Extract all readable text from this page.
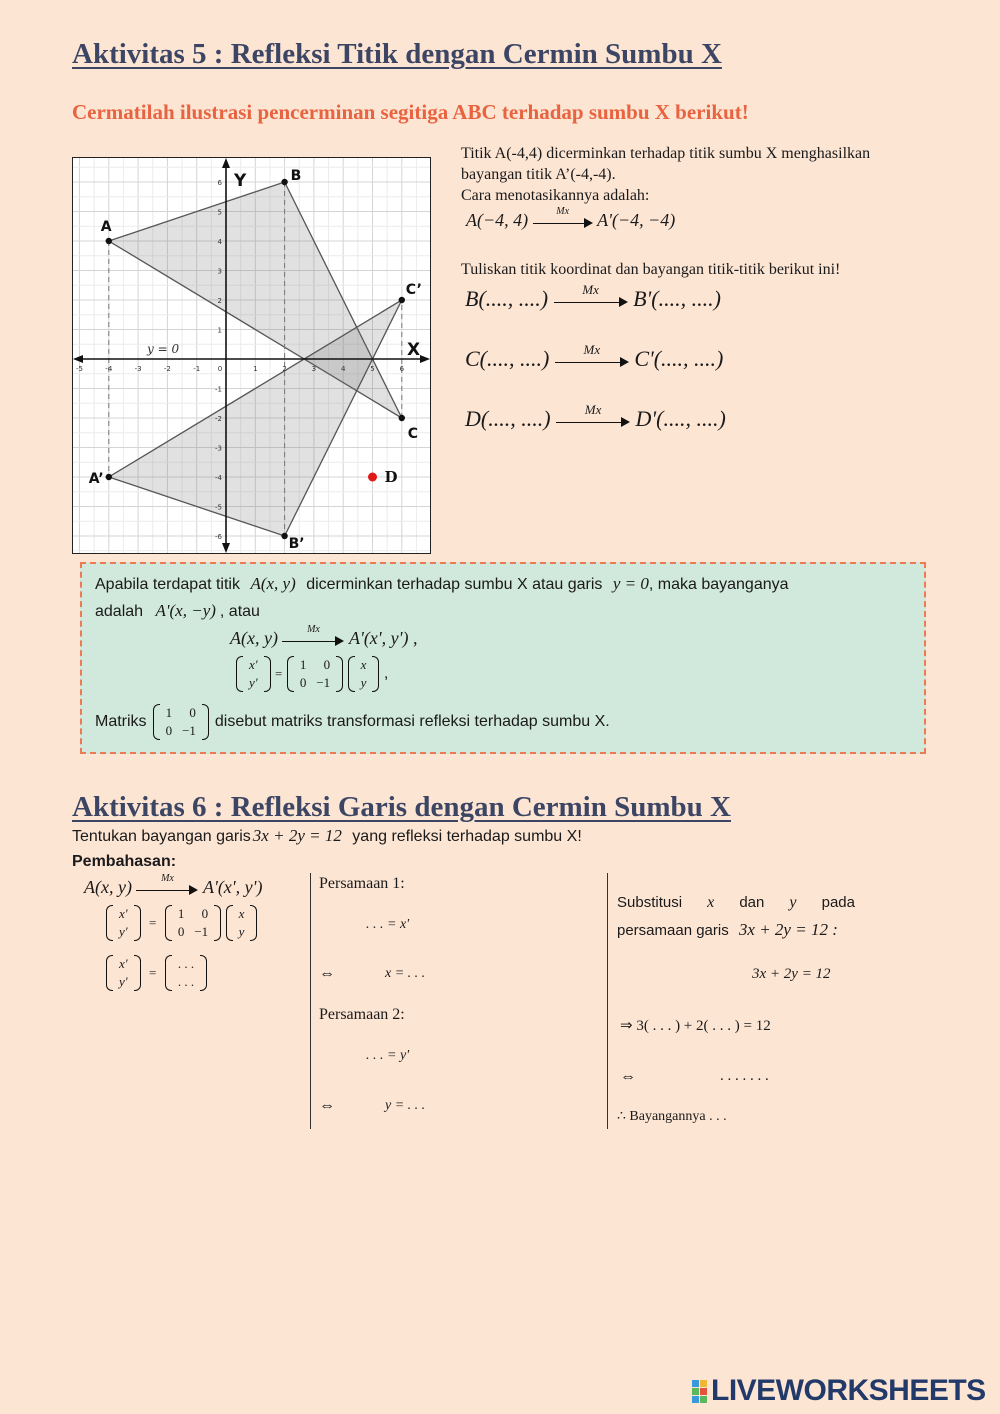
Aktivitas 5 : Refleksi Titik dengan Cermin Sumbu X
Cermatilah ilustrasi pencerminan segitiga ABC terhadap sumbu X berikut!
-5	-4	-3	-2	-1	0	1	2	3	4	5	6
6
5
4
3
2
1
-1
-2
-3
-4
-5
-6
Y
X
y = 0
A
B
C
A’
B’
C’
D
Titik A(-4,4) dicerminkan terhadap titik sumbu X menghasilkan
bayangan titik A’(-4,-4).
Cara menotasikannya adalah:
A(−4, 4)	Mx	A'(−4, −4)
Tuliskan titik koordinat dan bayangan titik-titik berikut ini!
B(...., ....)	Mx	B'(...., ....)
C(...., ....)	Mx	C'(...., ....)
D(...., ....)	Mx	D'(...., ....)
Apabila terdapat titik A(x, y) dicerminkan terhadap sumbu X atau garis y = 0, maka bayanganya
adalah A'(x, −y) , atau
A(x, y)	Mx	A'(x', y') ,
x'
y'
=
1	0
0	−1

x
y
,
Matriks
1	0
0	−1
disebut matriks transformasi refleksi terhadap sumbu X.
Aktivitas 6 : Refleksi Garis dengan Cermin Sumbu X
Tentukan bayangan garis 3x + 2y = 12 yang refleksi terhadap sumbu X!
Pembahasan:
A(x, y)	Mx	A'(x', y')
x'
y'
=
1	0
0	−1

x
y
x'
y'
=
. . .
. . .
Persamaan 1:
. . . = x'
⇔	x = . . .
Persamaan 2:
. . . = y'
⇔	y = . . .
Substitusi x dan y pada
persamaan garis 3x + 2y = 12 :
3x + 2y = 12
⇒ 3( . . . ) + 2( . . . ) = 12
⇔	. . . . . . .
∴ Bayangannya . . .
LIVEWORKSHEETS
